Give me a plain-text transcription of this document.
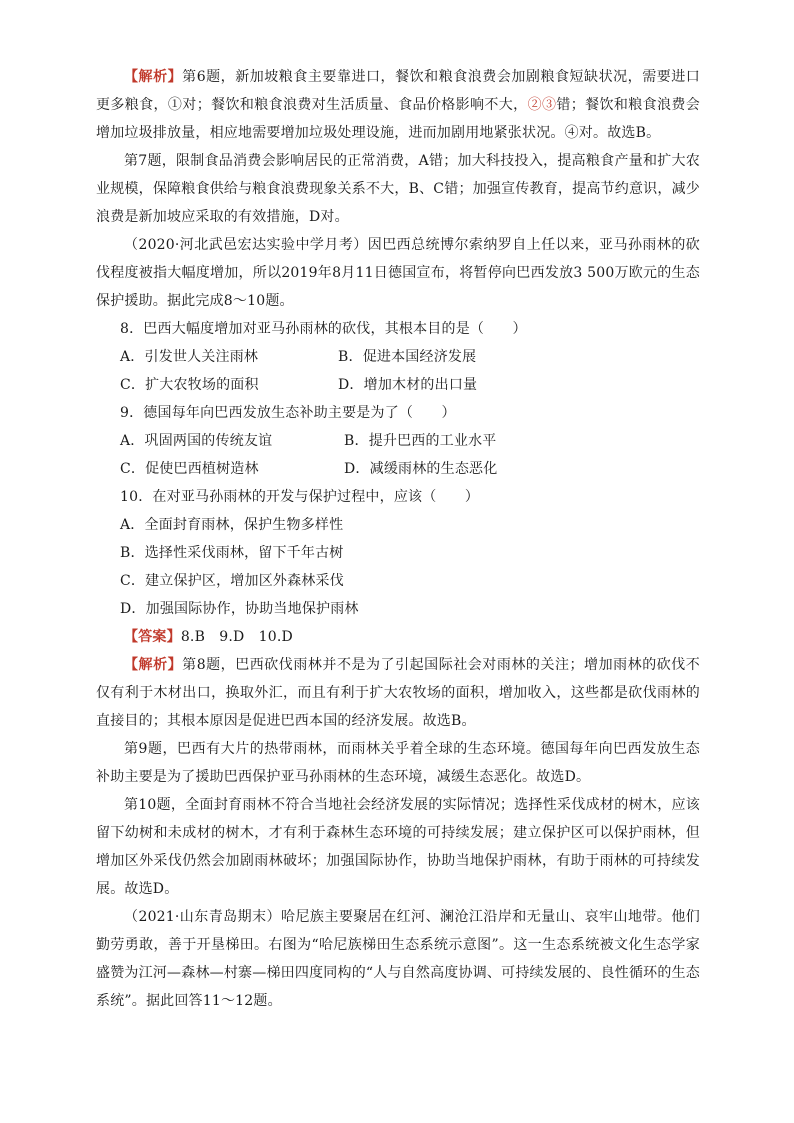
【解析】第6题，新加坡粮食主要靠进口，餐饮和粮食浪费会加剧粮食短缺状况，需要进口更多粮食，①对；餐饮和粮食浪费对生活质量、食品价格影响不大，②③错；餐饮和粮食浪费会增加垃圾排放量，相应地需要增加垃圾处理设施，进而加剧用地紧张状况。④对。故选B。

第7题，限制食品消费会影响居民的正常消费，A错；加大科技投入，提高粮食产量和扩大农业规模，保障粮食供给与粮食浪费现象关系不大，B、C错；加强宣传教育，提高节约意识，减少浪费是新加坡应采取的有效措施，D对。

（2020·河北武邑宏达实验中学月考）因巴西总统博尔索纳罗自上任以来，亚马孙雨林的砍伐程度被指大幅度增加，所以2019年8月11日德国宣布，将暂停向巴西发放3 500万欧元的生态保护援助。据此完成8～10题。

8．巴西大幅度增加对亚马孙雨林的砍伐，其根本目的是（　　）

A．引发世人关注雨林	B．促进本国经济发展
C．扩大农牧场的面积	D．增加木材的出口量

9．德国每年向巴西发放生态补助主要是为了（　　）

A．巩固两国的传统友谊	B．提升巴西的工业水平
C．促使巴西植树造林	D．减缓雨林的生态恶化

10．在对亚马孙雨林的开发与保护过程中，应该（　　）

A．全面封育雨林，保护生物多样性

B．选择性采伐雨林，留下千年古树

C．建立保护区，增加区外森林采伐

D．加强国际协作，协助当地保护雨林

【答案】8.B　9.D　10.D

【解析】第8题，巴西砍伐雨林并不是为了引起国际社会对雨林的关注；增加雨林的砍伐不仅有利于木材出口，换取外汇，而且有利于扩大农牧场的面积，增加收入，这些都是砍伐雨林的直接目的；其根本原因是促进巴西本国的经济发展。故选B。

第9题，巴西有大片的热带雨林，而雨林关乎着全球的生态环境。德国每年向巴西发放生态补助主要是为了援助巴西保护亚马孙雨林的生态环境，减缓生态恶化。故选D。

第10题，全面封育雨林不符合当地社会经济发展的实际情况；选择性采伐成材的树木，应该留下幼树和未成材的树木，才有利于森林生态环境的可持续发展；建立保护区可以保护雨林，但增加区外采伐仍然会加剧雨林破坏；加强国际协作，协助当地保护雨林，有助于雨林的可持续发展。故选D。

（2021·山东青岛期末）哈尼族主要聚居在红河、澜沧江沿岸和无量山、哀牢山地带。他们勤劳勇敢，善于开垦梯田。右图为“哈尼族梯田生态系统示意图”。这一生态系统被文化生态学家盛赞为江河—森林—村寨—梯田四度同构的“人与自然高度协调、可持续发展的、良性循环的生态系统”。据此回答11～12题。
